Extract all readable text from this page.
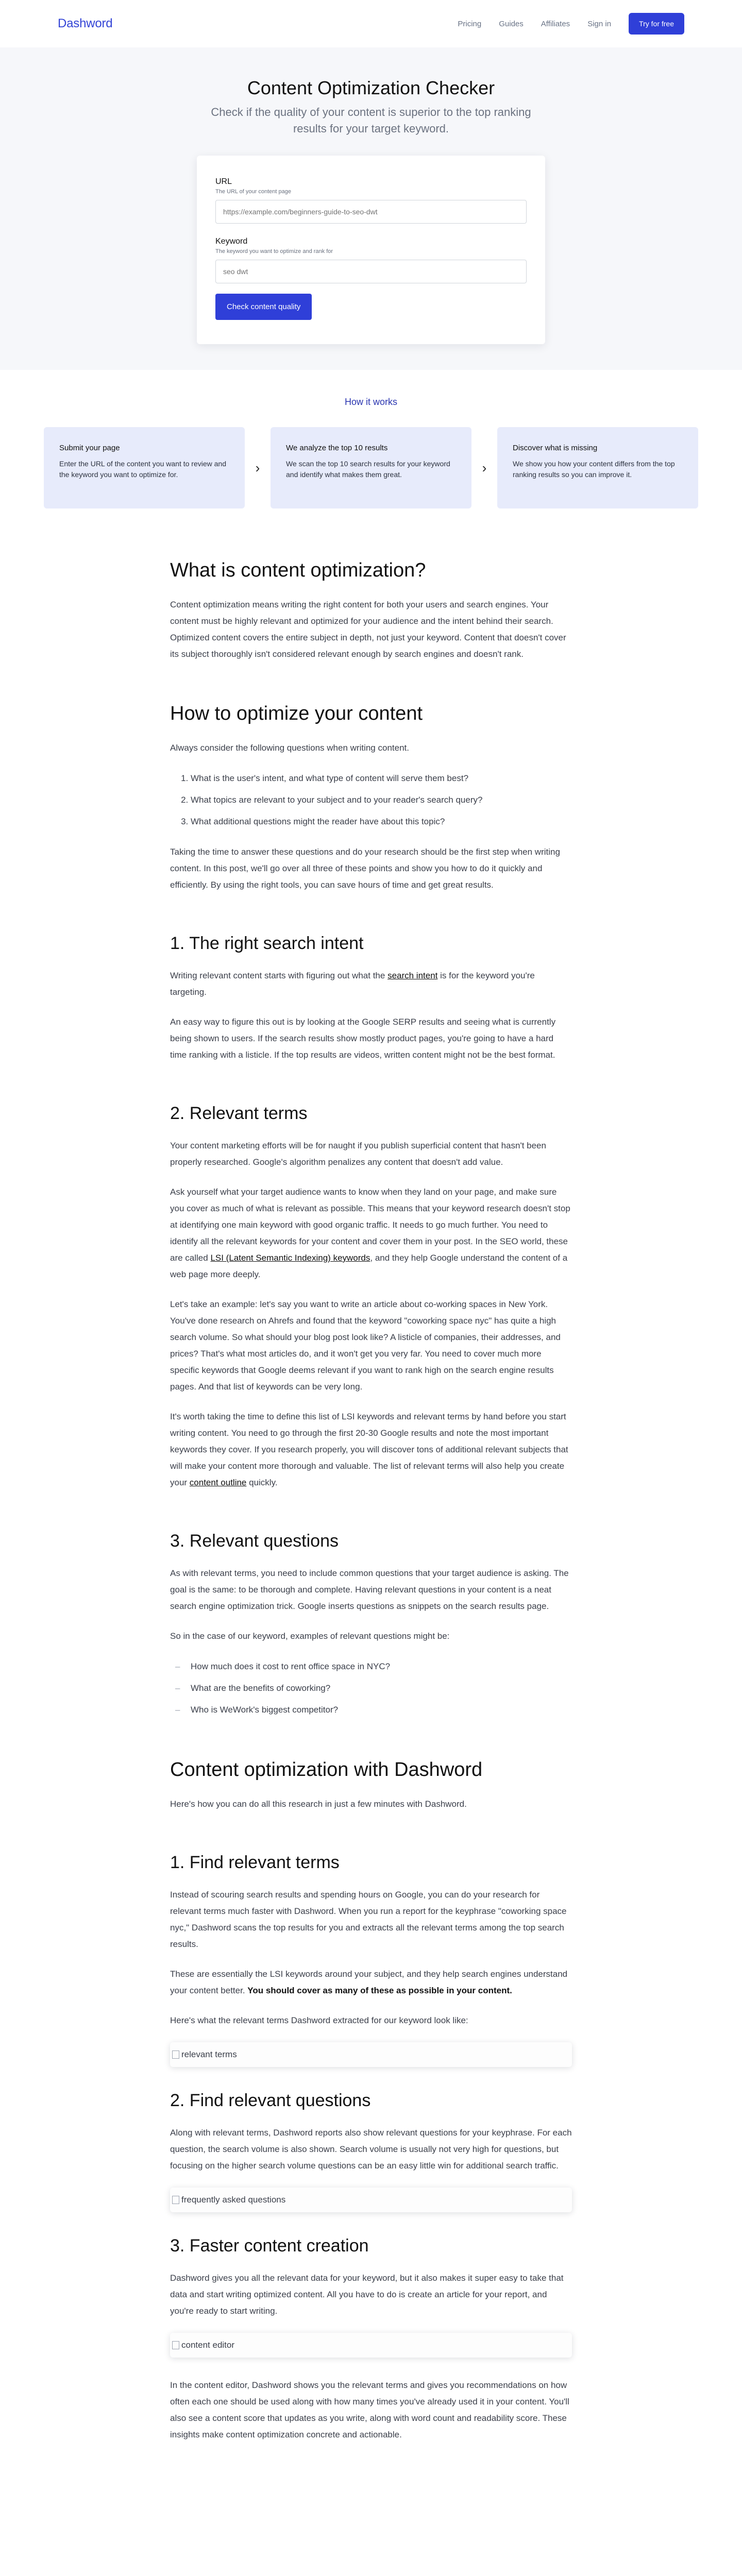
Dashword	Pricing Guides Affiliates Sign in	Try for free
Content Optimization Checker

Check if the quality of your content is superior to the top ranking results for your target keyword.

URL
The URL of your content page
https://example.com/beginners-guide-to-seo-dwt
Keyword
The keyword you want to optimize and rank for
seo dwt
Check content quality
How it works
Submit your page
Enter the URL of the content you want to review and the keyword you want to optimize for.	›
We analyze the top 10 results
We scan the top 10 search results for your keyword and identify what makes them great.	›
Discover what is missing
We show you how your content differs from the top ranking results so you can improve it.
What is content optimization?

Content optimization means writing the right content for both your users and search engines. Your content must be highly relevant and optimized for your audience and the intent behind their search. Optimized content covers the entire subject in depth, not just your keyword. Content that doesn't cover its subject thoroughly isn't considered relevant enough by search engines and doesn't rank.

How to optimize your content

Always consider the following questions when writing content.

1. What is the user's intent, and what type of content will serve them best?
2. What topics are relevant to your subject and to your reader's search query?
3. What additional questions might the reader have about this topic?

Taking the time to answer these questions and do your research should be the first step when writing content. In this post, we'll go over all three of these points and show you how to do it quickly and efficiently. By using the right tools, you can save hours of time and get great results.

1. The right search intent

Writing relevant content starts with figuring out what the search intent is for the keyword you're targeting.

An easy way to figure this out is by looking at the Google SERP results and seeing what is currently being shown to users. If the search results show mostly product pages, you're going to have a hard time ranking with a listicle. If the top results are videos, written content might not be the best format.

2. Relevant terms

Your content marketing efforts will be for naught if you publish superficial content that hasn't been properly researched. Google's algorithm penalizes any content that doesn't add value.

Ask yourself what your target audience wants to know when they land on your page, and make sure you cover as much of what is relevant as possible. This means that your keyword research doesn't stop at identifying one main keyword with good organic traffic. It needs to go much further. You need to identify all the relevant keywords for your content and cover them in your post. In the SEO world, these are called LSI (Latent Semantic Indexing) keywords, and they help Google understand the content of a web page more deeply.

Let's take an example: let's say you want to write an article about co-working spaces in New York. You've done research on Ahrefs and found that the keyword "coworking space nyc" has quite a high search volume. So what should your blog post look like? A listicle of companies, their addresses, and prices? That's what most articles do, and it won't get you very far. You need to cover much more specific keywords that Google deems relevant if you want to rank high on the search engine results pages. And that list of keywords can be very long.

It's worth taking the time to define this list of LSI keywords and relevant terms by hand before you start writing content. You need to go through the first 20-30 Google results and note the most important keywords they cover. If you research properly, you will discover tons of additional relevant subjects that will make your content more thorough and valuable. The list of relevant terms will also help you create your content outline quickly.

3. Relevant questions

As with relevant terms, you need to include common questions that your target audience is asking. The goal is the same: to be thorough and complete. Having relevant questions in your content is a neat search engine optimization trick. Google inserts questions as snippets on the search results page.

So in the case of our keyword, examples of relevant questions might be:

– How much does it cost to rent office space in NYC?
– What are the benefits of coworking?
– Who is WeWork's biggest competitor?
Content optimization with Dashword

Here's how you can do all this research in just a few minutes with Dashword.

1. Find relevant terms

Instead of scouring search results and spending hours on Google, you can do your research for relevant terms much faster with Dashword. When you run a report for the keyphrase "coworking space nyc," Dashword scans the top results for you and extracts all the relevant terms among the top search results.

These are essentially the LSI keywords around your subject, and they help search engines understand your content better. You should cover as many of these as possible in your content.

Here's what the relevant terms Dashword extracted for our keyword look like:

relevant terms
2. Find relevant questions

Along with relevant terms, Dashword reports also show relevant questions for your keyphrase. For each question, the search volume is also shown. Search volume is usually not very high for questions, but focusing on the higher search volume questions can be an easy little win for additional search traffic.

frequently asked questions
3. Faster content creation

Dashword gives you all the relevant data for your keyword, but it also makes it super easy to take that data and start writing optimized content. All you have to do is create an article for your report, and you're ready to start writing.

content editor

In the content editor, Dashword shows you the relevant terms and gives you recommendations on how often each one should be used along with how many times you've already used it in your content. You'll also see a content score that updates as you write, along with word count and readability score. These insights make content optimization concrete and actionable.
